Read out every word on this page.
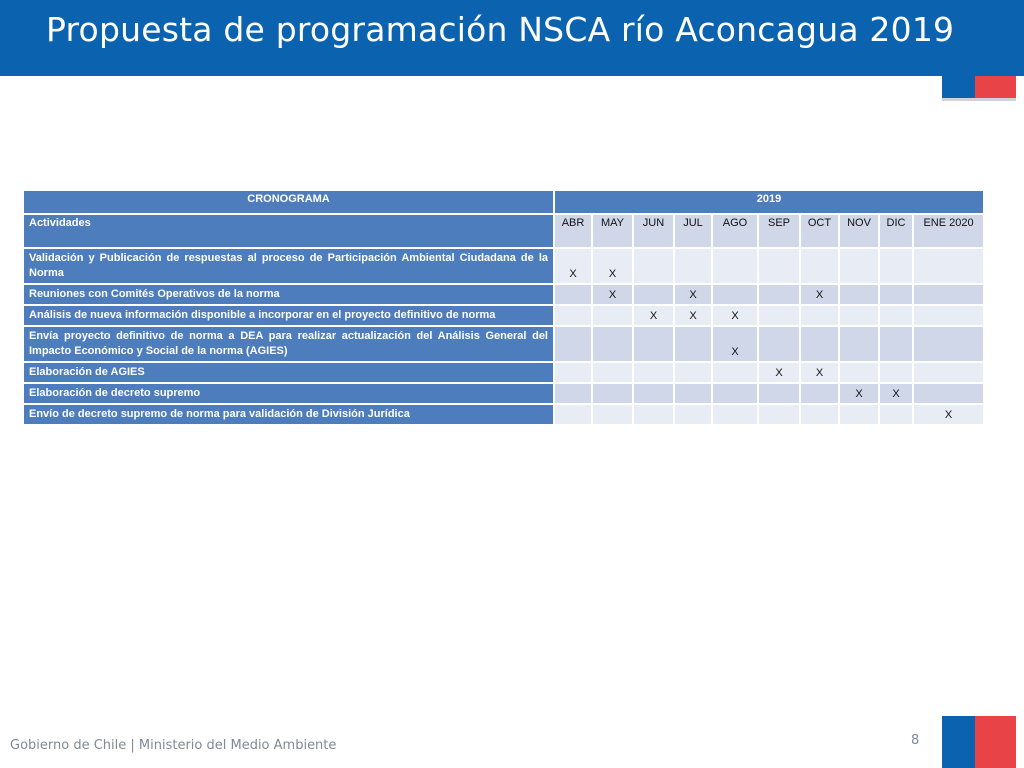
Propuesta de programación NSCA río Aconcagua 2019
CRONOGRAMA	2019									
Actividades	ABR	MAY	JUN	JUL	AGO	SEP	OCT	NOV	DIC	ENE 2020
Validación y Publicación de respuestas al proceso de Participación Ambiental Ciudadana de la Norma	X	X								
Reuniones con Comités Operativos de la norma		X		X			X			
Análisis de nueva información disponible a incorporar en el proyecto definitivo de norma			X	X	X					
Envía proyecto definitivo de norma a DEA para realizar actualización del Análisis General del Impacto Económico y Social de la norma (AGIES)					X					
Elaboración de AGIES						X	X			
Elaboración de decreto supremo								X	X	
Envío de decreto supremo de norma para validación de División Jurídica										X
Gobierno de Chile | Ministerio del Medio Ambiente	8
